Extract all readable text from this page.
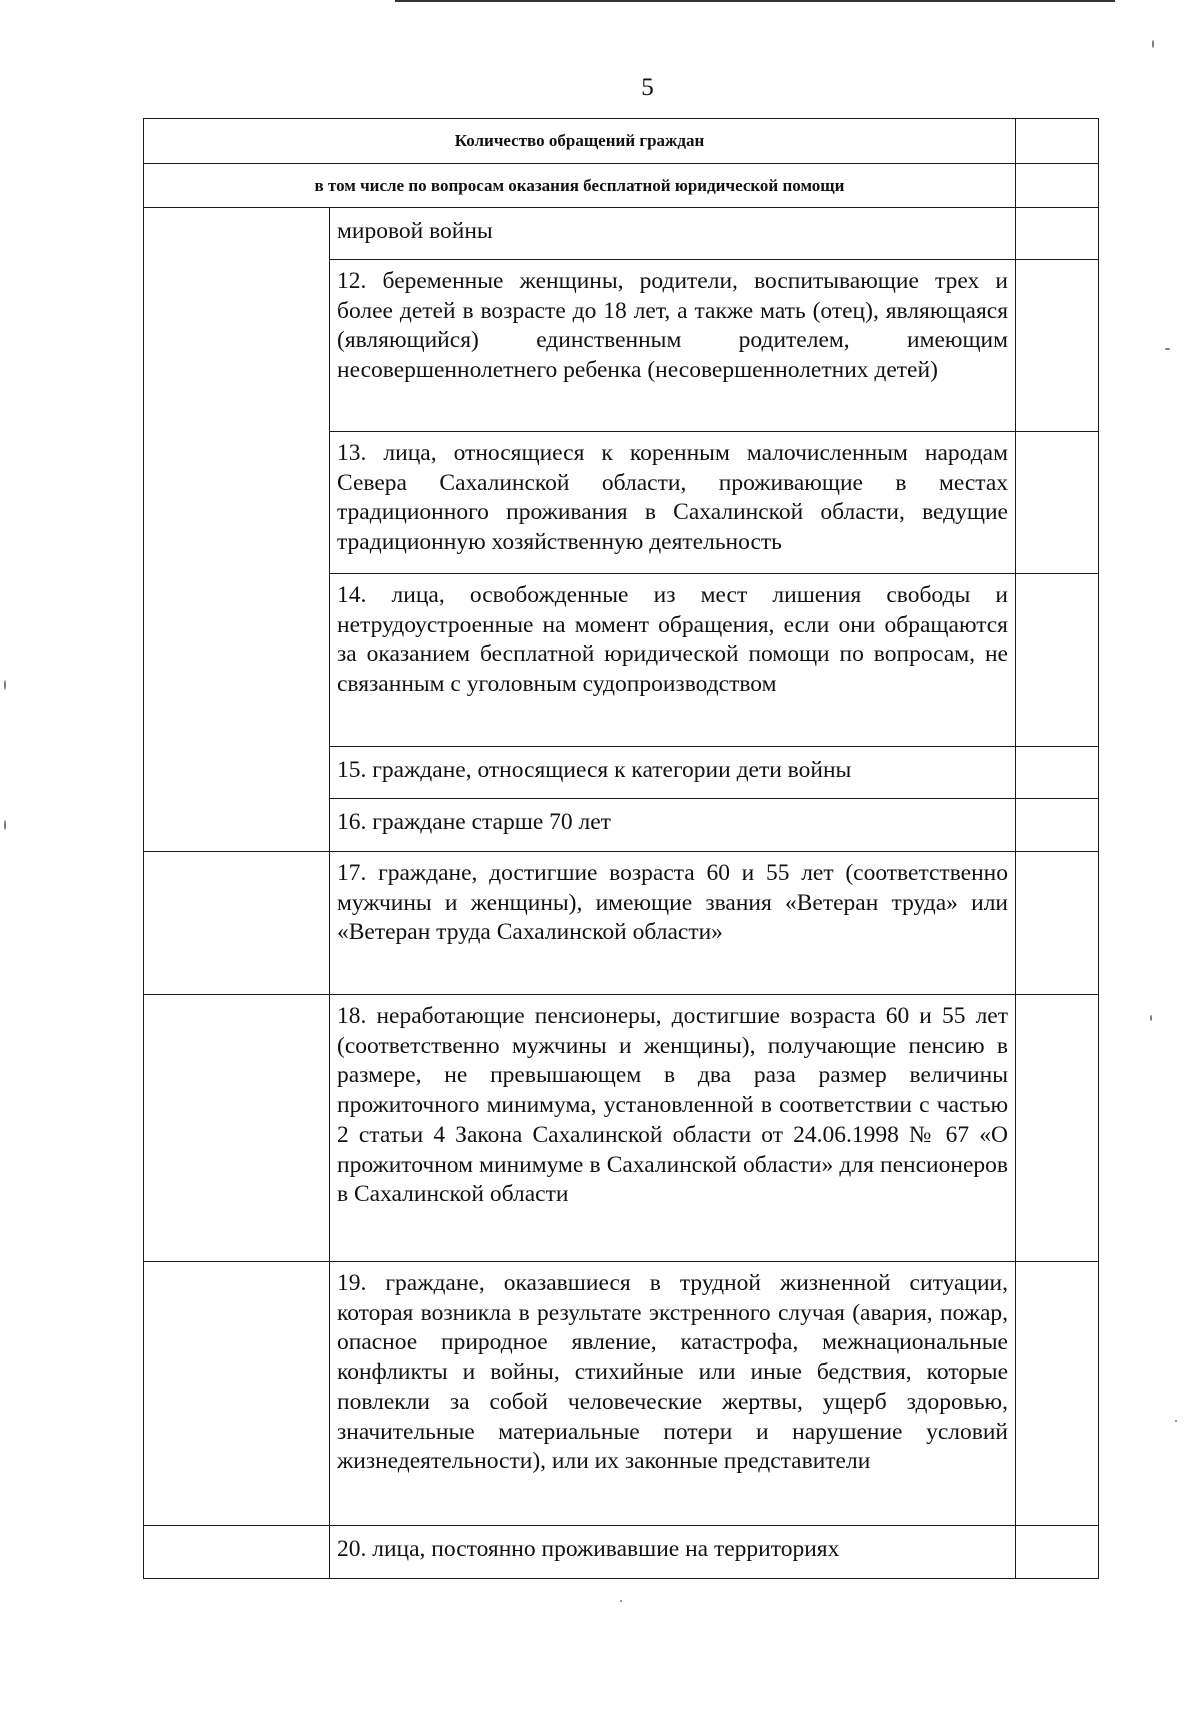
5
Количество обращений граждан		
в том числе по вопросам оказания бесплатной юридической помощи		

	мировой войны	

	12. беременные женщины, родители, воспитывающие трех и более детей в возрасте до 18 лет, а также мать (отец), являющаяся (являющийся) единственным родителем, имеющим несовершеннолетнего ребенка (несовершеннолетних детей)	

	13. лица, относящиеся к коренным малочисленным народам Севера Сахалинской области, проживающие в местах традиционного проживания в Сахалинской области, ведущие традиционную хозяйственную деятельность	

	14. лица, освобожденные из мест лишения свободы и нетрудоустроенные на момент обращения, если они обращаются за оказанием бесплатной юридической помощи по вопросам, не связанным с уголовным судопроизводством	

	15. граждане, относящиеся к категории дети войны	

	16. граждане старше 70 лет	

	17. граждане, достигшие возраста 60 и 55 лет (соответственно мужчины и женщины), имеющие звания «Ветеран труда» или «Ветеран труда Сахалинской области»	

	18. неработающие пенсионеры, достигшие возраста 60 и 55 лет (соответственно мужчины и женщины), получающие пенсию в размере, не превышающем в два раза размер величины прожиточного минимума, установленной в соответствии с частью 2 статьи 4 Закона Сахалинской области от 24.06.1998 № 67 «О прожиточном минимуме в Сахалинской области» для пенсионеров в Сахалинской области	

	19. граждане, оказавшиеся в трудной жизненной ситуации, которая возникла в результате экстренного случая (авария, пожар, опасное природное явление, катастрофа, межнациональные конфликты и войны, стихийные или иные бедствия, которые повлекли за собой человеческие жертвы, ущерб здоровью, значительные материальные потери и нарушение условий жизнедеятельности), или их законные представители	

	20. лица, постоянно проживавшие на территориях	
